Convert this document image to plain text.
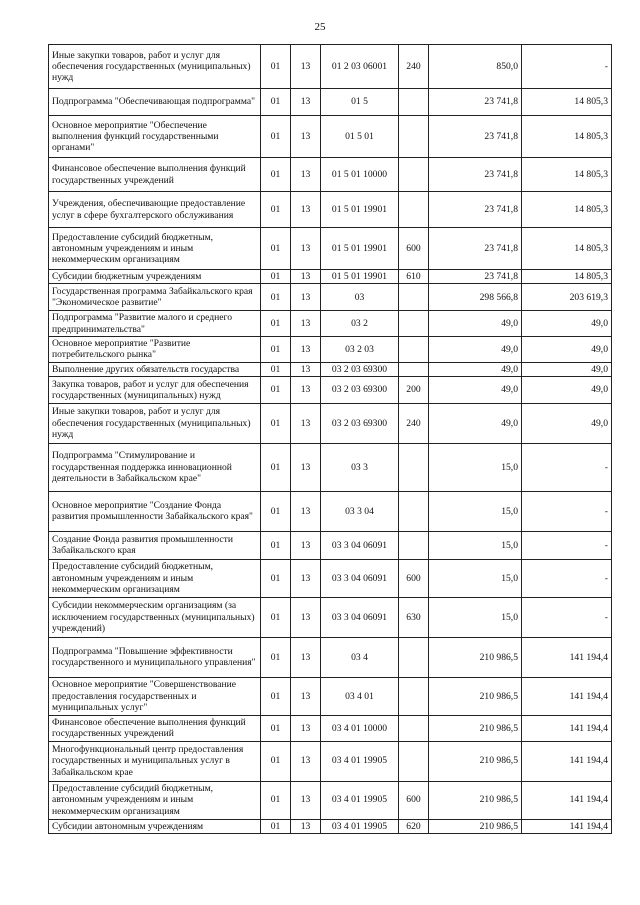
25
Иные закупки товаров, работ и услуг для обеспечения государственных (муниципальных) нужд	01	13	01 2 03 06001	240	850,0	-
Подпрограмма "Обеспечивающая подпрограмма"	01	13	01 5		23 741,8	14 805,3
Основное мероприятие "Обеспечение выполнения функций государственными органами"	01	13	01 5 01		23 741,8	14 805,3
Финансовое обеспечение выполнения функций государственных учреждений	01	13	01 5 01 10000		23 741,8	14 805,3
Учреждения, обеспечивающие предоставление услуг в сфере бухгалтерского обслуживания	01	13	01 5 01 19901		23 741,8	14 805,3
Предоставление субсидий бюджетным, автономным учреждениям и иным некоммерческим организациям	01	13	01 5 01 19901	600	23 741,8	14 805,3
Субсидии бюджетным учреждениям	01	13	01 5 01 19901	610	23 741,8	14 805,3
Государственная программа Забайкальского края "Экономическое развитие"	01	13	03		298 566,8	203 619,3
Подпрограмма "Развитие малого и среднего предпринимательства"	01	13	03 2		49,0	49,0
Основное мероприятие "Развитие потребительского рынка"	01	13	03 2 03		49,0	49,0
Выполнение других обязательств государства	01	13	03 2 03 69300		49,0	49,0
Закупка товаров, работ и услуг для обеспечения государственных (муниципальных) нужд	01	13	03 2 03 69300	200	49,0	49,0
Иные закупки товаров, работ и услуг для обеспечения государственных (муниципальных) нужд	01	13	03 2 03 69300	240	49,0	49,0
Подпрограмма "Стимулирование и государственная поддержка инновационной деятельности в Забайкальском крае"	01	13	03 3		15,0	-
Основное мероприятие "Создание Фонда развития промышленности Забайкальского края"	01	13	03 3 04		15,0	-
Создание Фонда развития промышленности Забайкальского края	01	13	03 3 04 06091		15,0	-
Предоставление субсидий бюджетным, автономным учреждениям и иным некоммерческим организациям	01	13	03 3 04 06091	600	15,0	-
Субсидии некоммерческим организациям (за исключением государственных (муниципальных) учреждений)	01	13	03 3 04 06091	630	15,0	-
Подпрограмма "Повышение эффективности государственного и муниципального управления"	01	13	03 4		210 986,5	141 194,4
Основное мероприятие "Совершенствование предоставления государственных и муниципальных услуг"	01	13	03 4 01		210 986,5	141 194,4
Финансовое обеспечение выполнения функций государственных учреждений	01	13	03 4 01 10000		210 986,5	141 194,4
Многофункциональный центр предоставления государственных и муниципальных услуг в Забайкальском крае	01	13	03 4 01 19905		210 986,5	141 194,4
Предоставление субсидий бюджетным, автономным учреждениям и иным некоммерческим организациям	01	13	03 4 01 19905	600	210 986,5	141 194,4
Субсидии автономным учреждениям	01	13	03 4 01 19905	620	210 986,5	141 194,4
